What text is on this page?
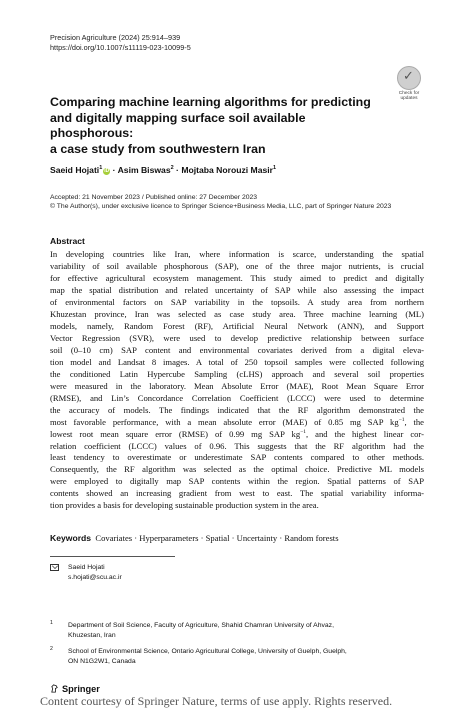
Precision Agriculture (2024) 25:914–939
https://doi.org/10.1007/s11119-023-10099-5
✓
Check for
updates
Comparing machine learning algorithms for predicting
and digitally mapping surface soil available phosphorous:
a case study from southwestern Iran
Saeid Hojati$^1$ iD · Asim Biswas$^2$ · Mojtaba Norouzi Masir$^1$
Accepted: 21 November 2023 / Published online: 27 December 2023
© The Author(s), under exclusive licence to Springer Science+Business Media, LLC, part of Springer Nature 2023
Abstract
In developing countries like Iran, where information is scarce, understanding the spatial
variability of soil available phosphorous (SAP), one of the three major nutrients, is crucial
for effective agricultural ecosystem management. This study aimed to predict and digitally
map the spatial distribution and related uncertainty of SAP while also assessing the impact
of environmental factors on SAP variability in the topsoils. A study area from northern
Khuzestan province, Iran was selected as case study area. Three machine learning (ML)
models, namely, Random Forest (RF), Artificial Neural Network (ANN), and Support
Vector Regression (SVR), were used to develop predictive relationship between surface
soil (0–10 cm) SAP content and environmental covariates derived from a digital eleva-
tion model and Landsat 8 images. A total of 250 topsoil samples were collected following
the conditioned Latin Hypercube Sampling (cLHS) approach and several soil properties
were measured in the laboratory. Mean Absolute Error (MAE), Root Mean Square Error
(RMSE), and Lin’s Concordance Correlation Coefficient (LCCC) were used to determine
the accuracy of models. The findings indicated that the RF algorithm demonstrated the
most favorable performance, with a mean absolute error (MAE) of 0.85 mg SAP $kg^{-1}$, the
lowest root mean square error (RMSE) of 0.99 mg SAP $kg^{-1}$, and the highest linear cor-
relation coefficient (LCCC) values of 0.96. This suggests that the RF algorithm had the
least tendency to overestimate or underestimate SAP contents compared to other methods.
Consequently, the RF algorithm was selected as the optimal choice. Predictive ML models
were employed to digitally map SAP contents within the region. Spatial patterns of SAP
contents showed an increasing gradient from west to east. The spatial variability informa-
tion provides a basis for developing sustainable production system in the area.
Keywords Covariates · Hyperparameters · Spatial · Uncertainty · Random forests
Saeid Hojati
s.hojati@scu.ac.ir
1 Department of Soil Science, Faculty of Agriculture, Shahid Chamran University of Ahvaz,
Khuzestan, Iran
2 School of Environmental Science, Ontario Agricultural College, University of Guelph, Guelph,
ON N1G2W1, Canada
Springer
Content courtesy of Springer Nature, terms of use apply. Rights reserved.
